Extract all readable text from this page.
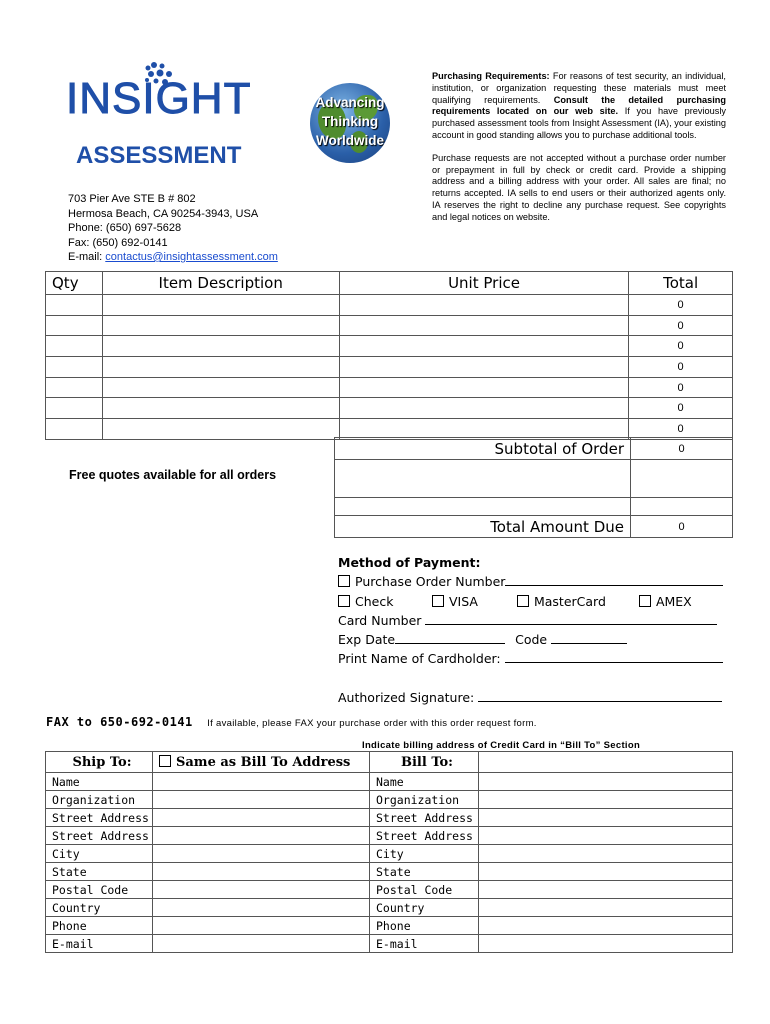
INSIGHT
ASSESSMENT
Advancing
Thinking
Worldwide
703 Pier Ave STE B # 802
Hermosa Beach, CA 90254-3943, USA
Phone: (650) 697-5628
Fax: (650) 692-0141
E-mail: contactus@insightassessment.com

Purchasing Requirements: For reasons of test security, an individual, institution, or organization requesting these materials must meet qualifying requirements. Consult the detailed purchasing requirements located on our web site. If you have previously purchased assessment tools from Insight Assessment (IA), your existing account in good standing allows you to purchase additional tools.

Purchase requests are not accepted without a purchase order number or prepayment in full by check or credit card. Provide a shipping address and a billing address with your order. All sales are final; no returns accepted. IA sells to end users or their authorized agents only. IA reserves the right to decline any purchase request. See copyrights and legal notices on website.

Qty	Item Description	Unit Price	Total
			0
			0
			0
			0
			0
			0
			0
Subtotal of Order	0

Total Amount Due	0
Free quotes available for all orders
Method of Payment:
Purchase Order Number
Check	VISA	MasterCard	AMEX
Card Number
Exp Date	Code
Print Name of Cardholder:
Authorized Signature:
FAX to 650-692-0141 If available, please FAX your purchase order with this order request form.
Indicate billing address of Credit Card in “Bill To” Section
Ship To:	Same as Bill To Address	Bill To:	
Name		Name	
Organization		Organization	
Street Address		Street Address	
Street Address		Street Address	
City		City	
State		State	
Postal Code		Postal Code	
Country		Country	
Phone		Phone	
E-mail		E-mail	
